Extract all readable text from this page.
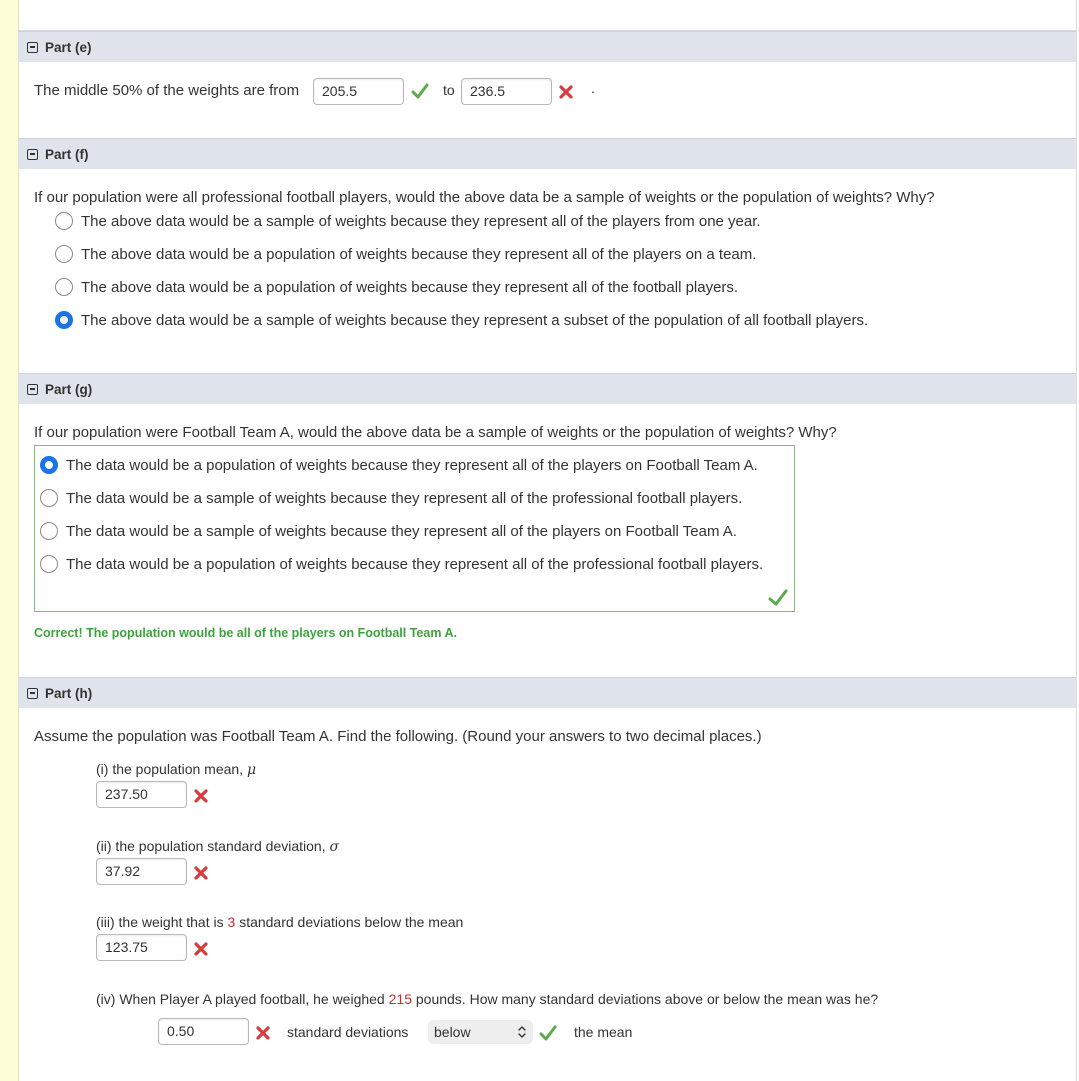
Part (e)
The middle 50% of the weights are from
205.5	to
236.5	.
Part (f)
If our population were all professional football players, would the above data be a sample of weights or the population of weights? Why?
The above data would be a sample of weights because they represent all of the players from one year.
The above data would be a population of weights because they represent all of the players on a team.
The above data would be a population of weights because they represent all of the football players.
The above data would be a sample of weights because they represent a subset of the population of all football players.
Part (g)
If our population were Football Team A, would the above data be a sample of weights or the population of weights? Why?
The data would be a population of weights because they represent all of the players on Football Team A.
The data would be a sample of weights because they represent all of the professional football players.
The data would be a sample of weights because they represent all of the players on Football Team A.
The data would be a population of weights because they represent all of the professional football players.
Correct! The population would be all of the players on Football Team A.
Part (h)
Assume the population was Football Team A. Find the following. (Round your answers to two decimal places.)
(i) the population mean, μ
237.50
(ii) the population standard deviation, σ
37.92
(iii) the weight that is 3 standard deviations below the mean
123.75
(iv) When Player A played football, he weighed 215 pounds. How many standard deviations above or below the mean was he?
0.50
standard deviations	below	the mean
